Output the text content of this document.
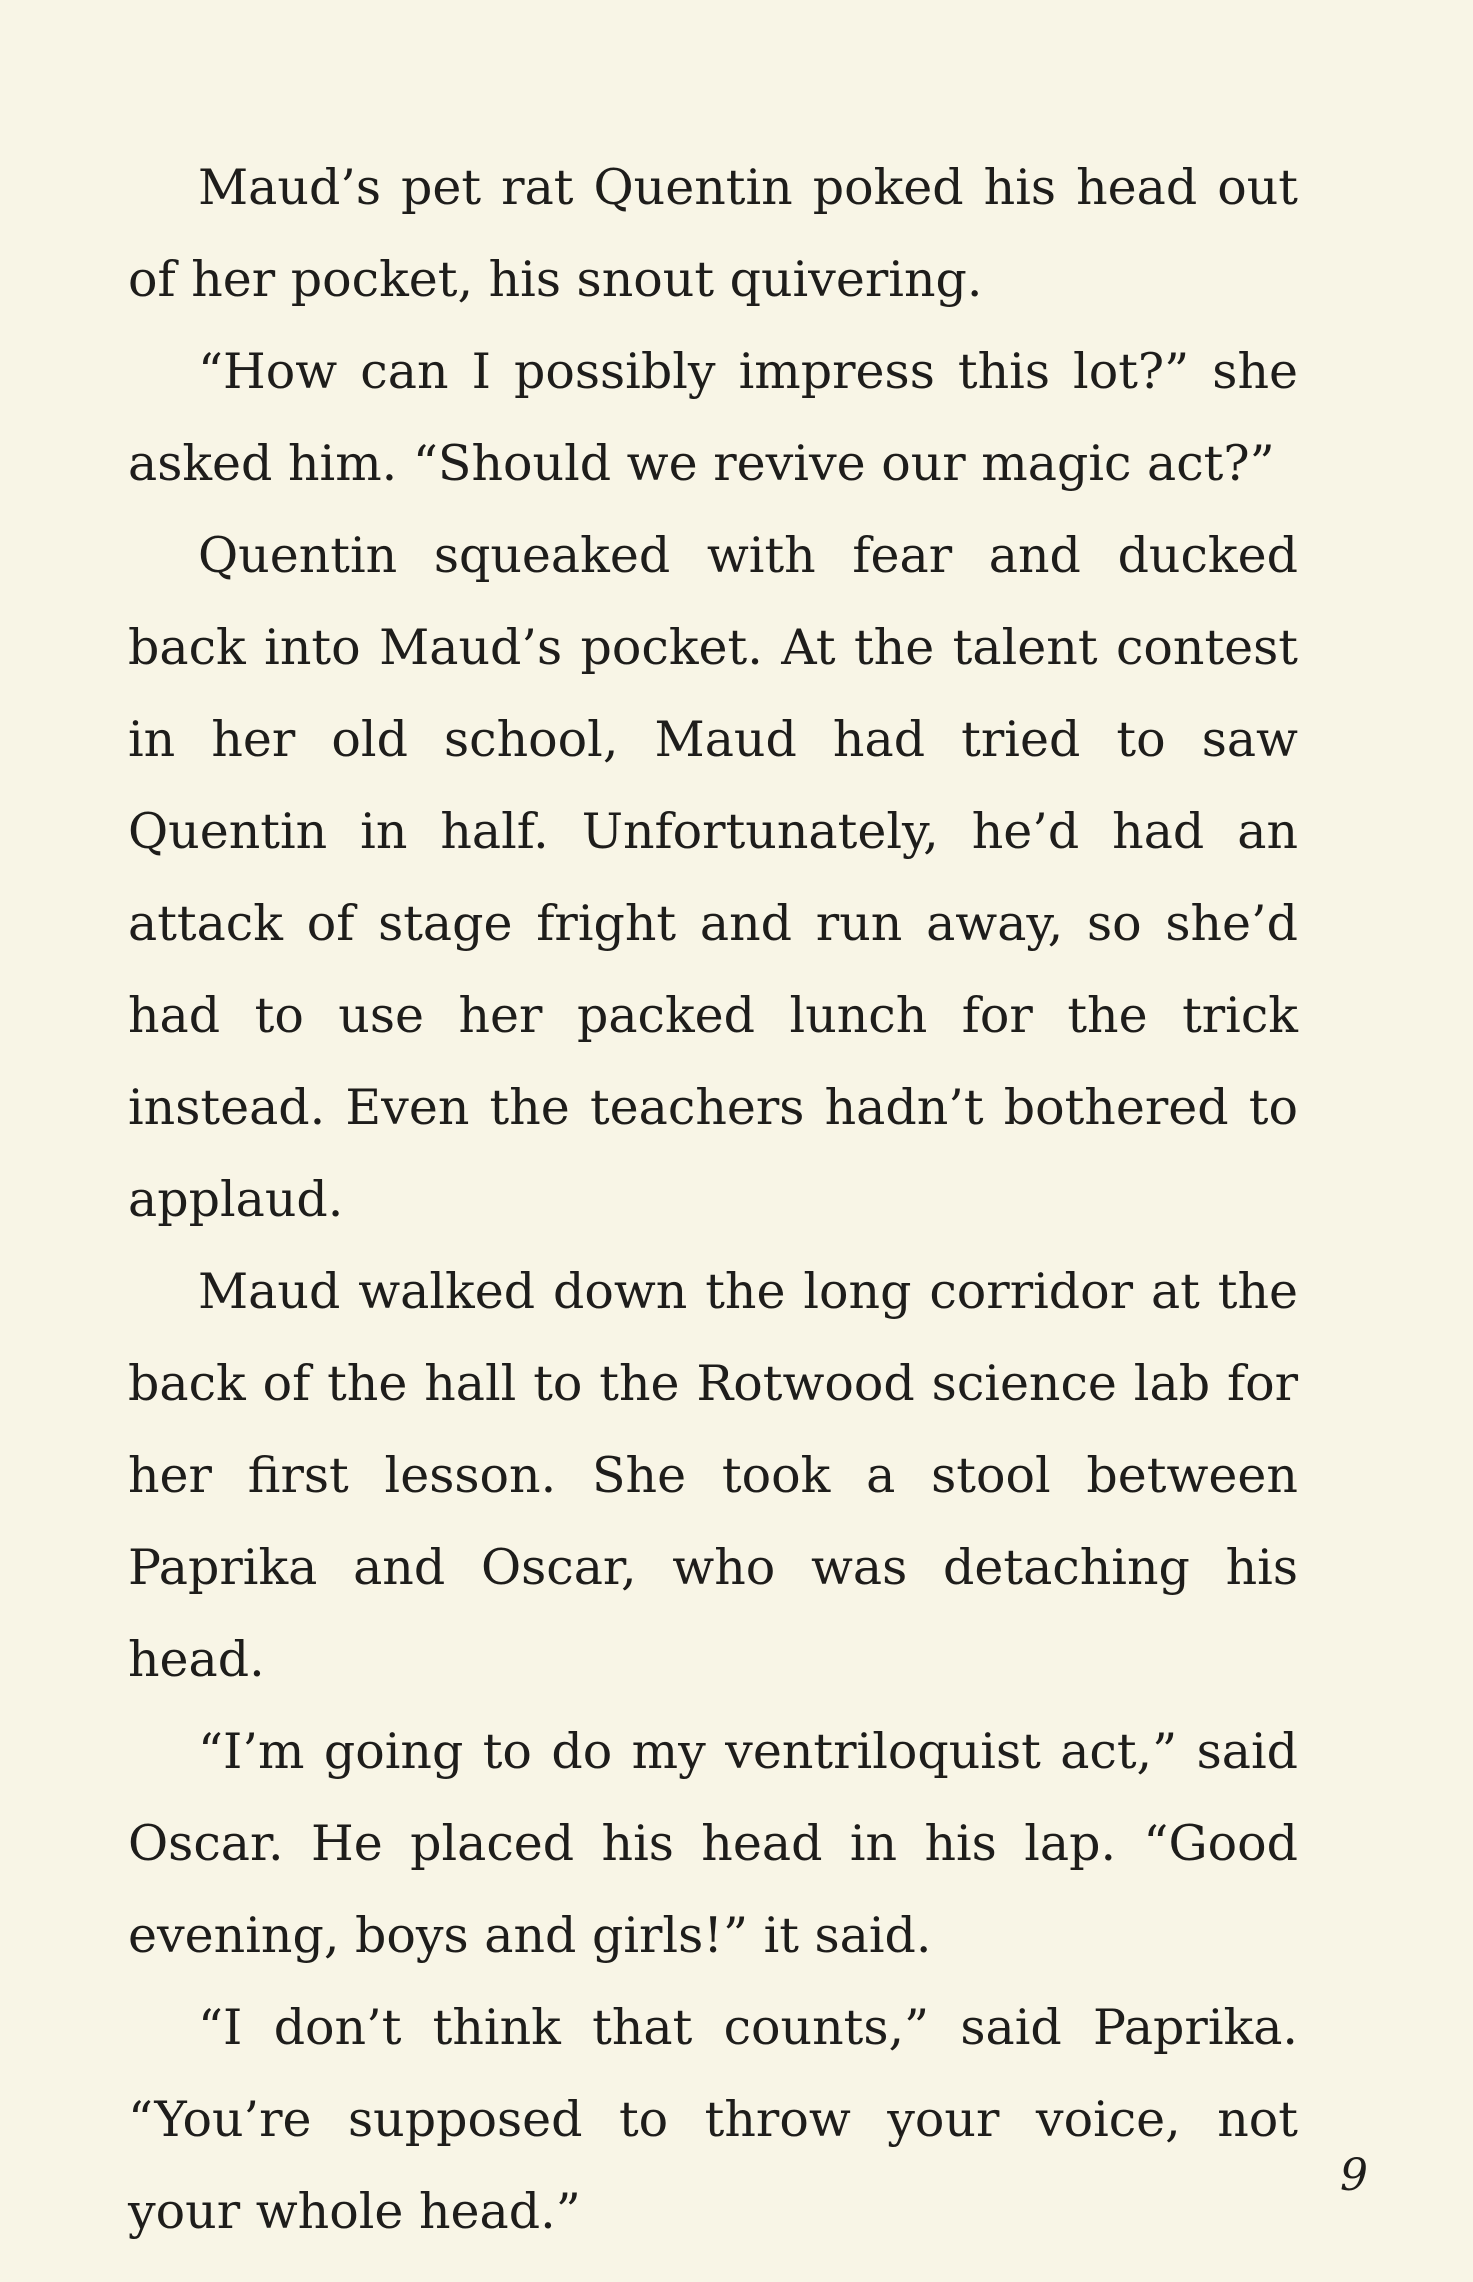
Maud’s pet rat Quentin poked his head out of her pocket, his snout quivering.

“How can I possibly impress this lot?” she asked him. “Should we revive our magic act?”

Quentin squeaked with fear and ducked back into Maud’s pocket. At the talent contest in her old school, Maud had tried to saw Quentin in half. Unfortunately, he’d had an attack of stage fright and run away, so she’d had to use her packed lunch for the trick instead. Even the teachers hadn’t bothered to applaud.

Maud walked down the long corridor at the back of the hall to the Rotwood science lab for her first lesson. She took a stool between Paprika and Oscar, who was detaching his head.

“I’m going to do my ventriloquist act,” said Oscar. He placed his head in his lap. “Good evening, boys and girls!” it said.

“I don’t think that counts,” said Paprika. “You’re supposed to throw your voice, not your whole head.”

9
